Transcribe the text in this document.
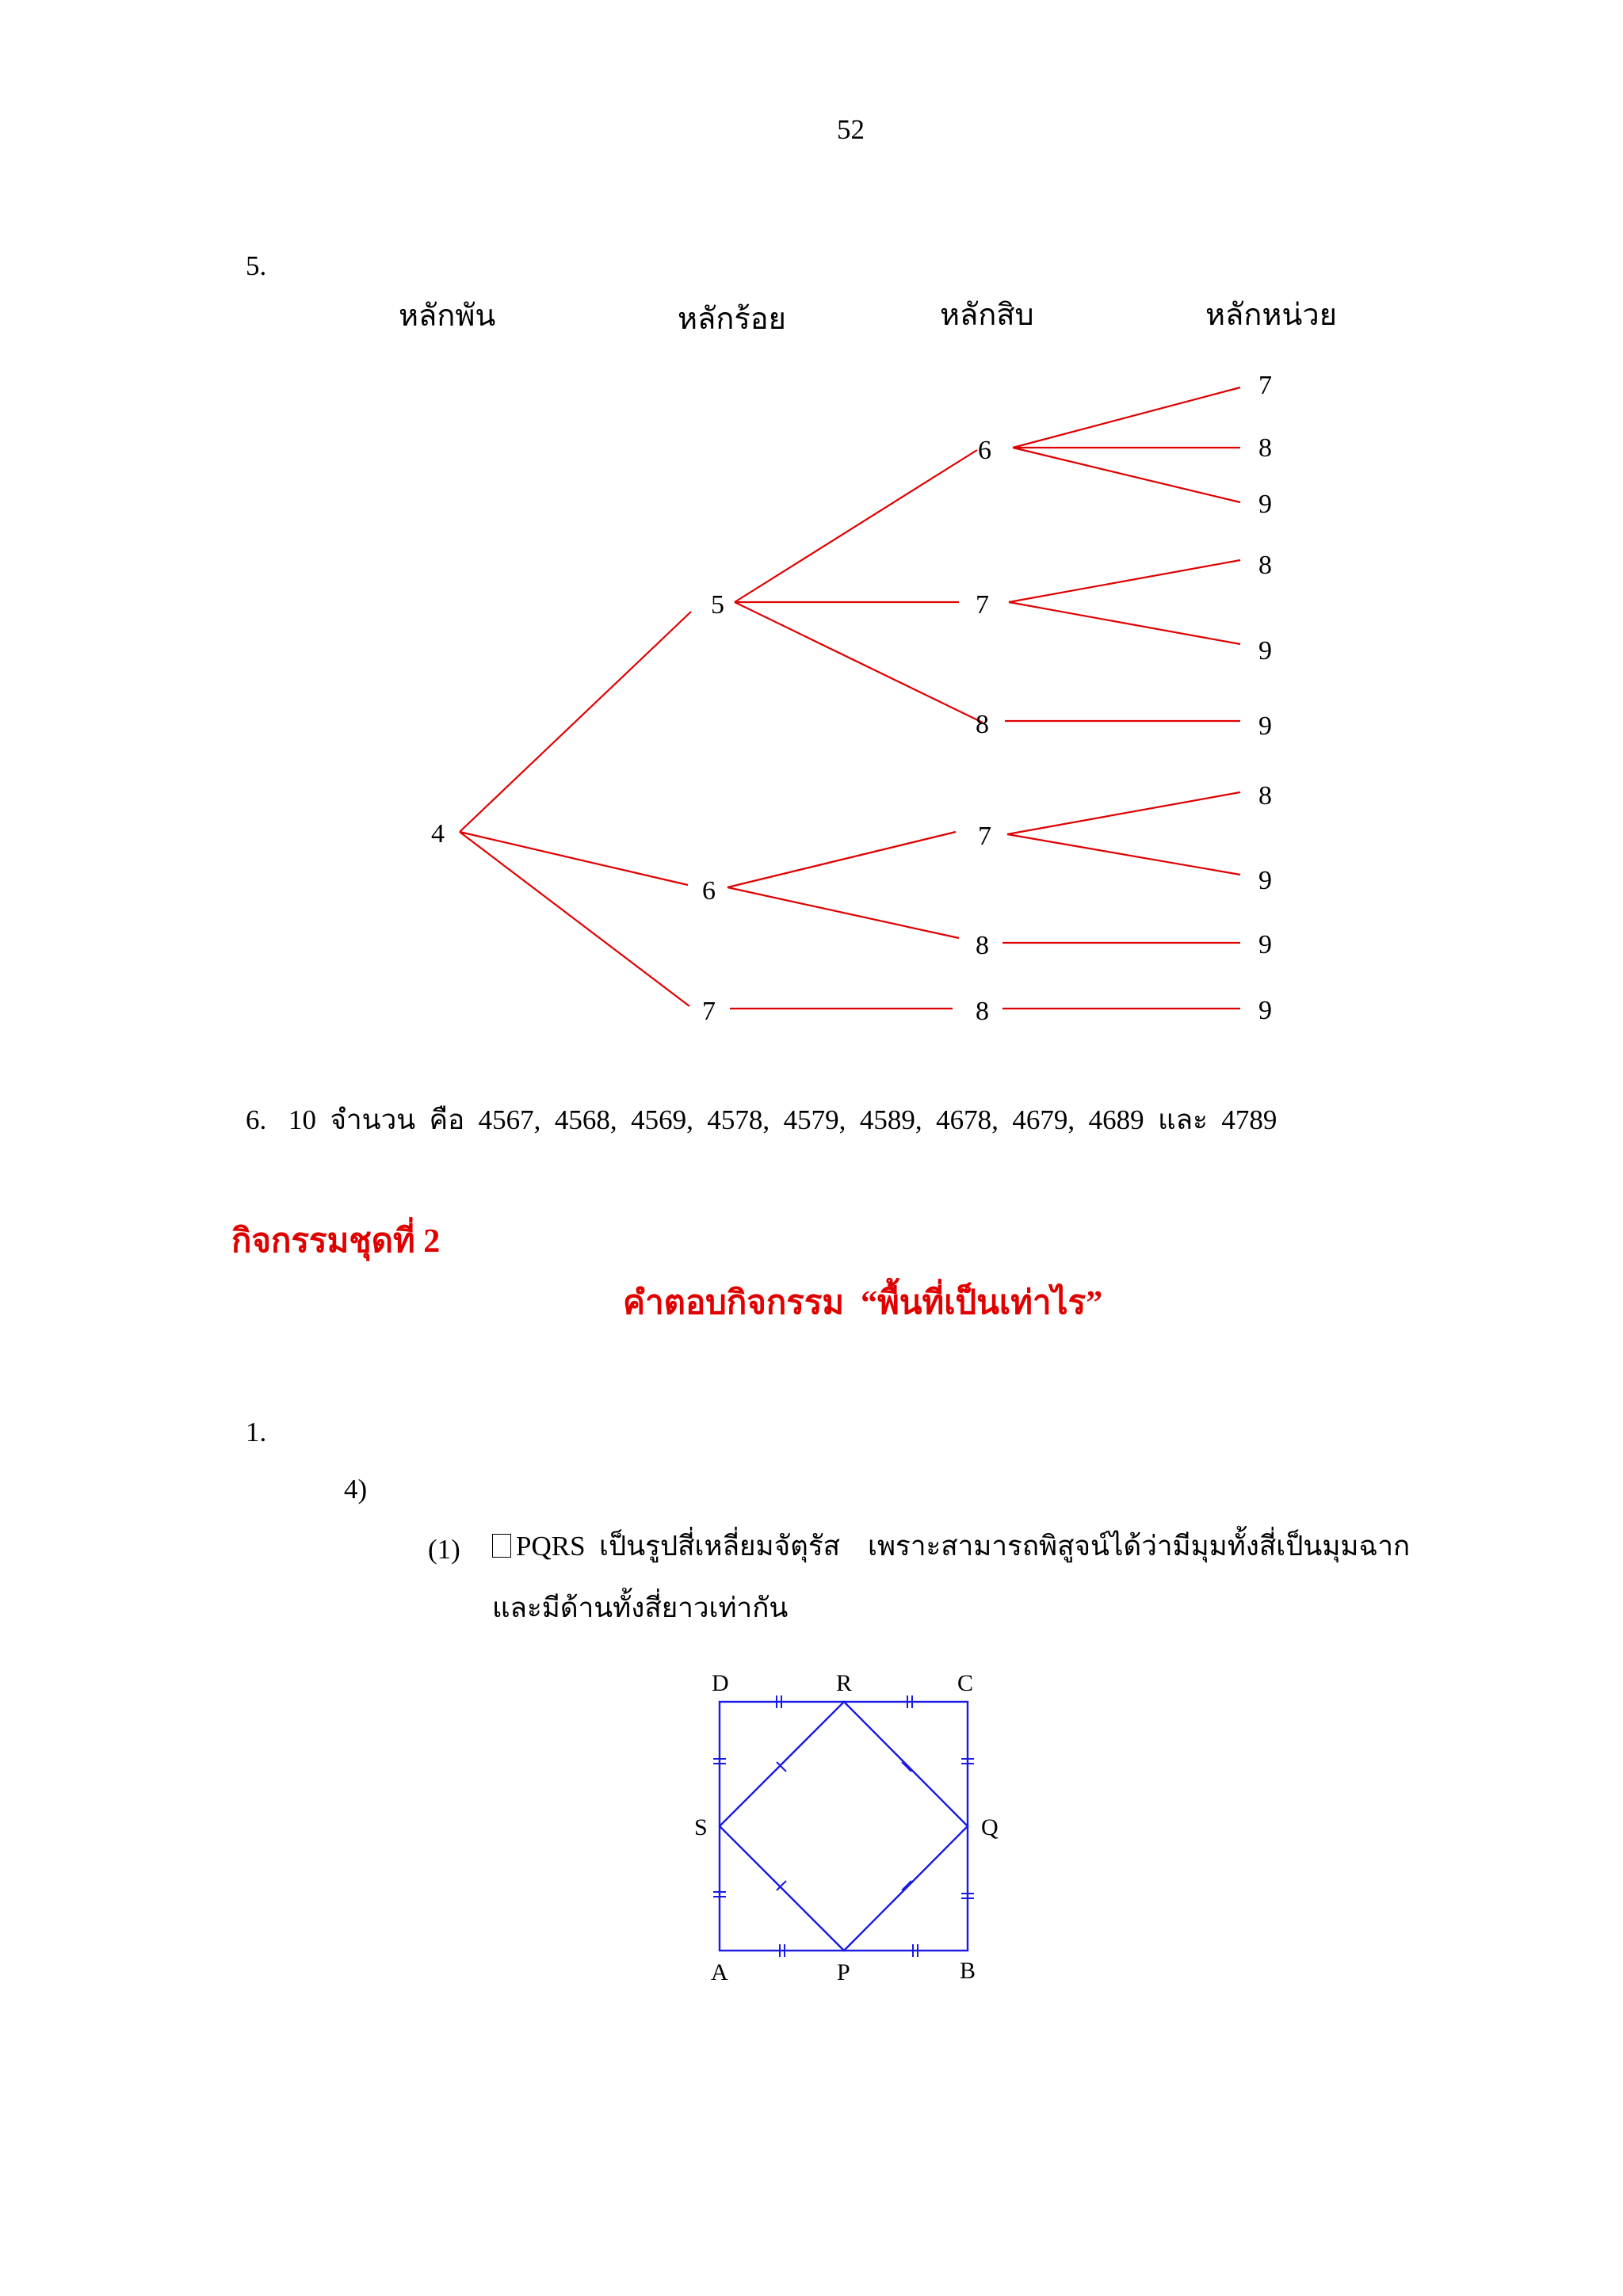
52
5.
หลักพัน	หลักร้อย	หลักสิบ	หลักหน่วย
4
5
6
7
6
7
8
7
8
8
7
8
9
8
9
9
8
9
9
9
6. 10  จำนวน  คือ  4567,  4568,  4569,  4578,  4579,  4589,  4678,  4679,  4689  และ  4789
กิจกรรมชุดที่ 2
คำตอบกิจกรรม  “พื้นที่เป็นเท่าไร”
1.
4)
(1)	PQRS  เป็นรูปสี่เหลี่ยมจัตุรัส    เพราะสามารถพิสูจน์ได้ว่ามีมุมทั้งสี่เป็นมุมฉาก
และมีด้านทั้งสี่ยาวเท่ากัน
D	R	C
S	Q
A	P	B
